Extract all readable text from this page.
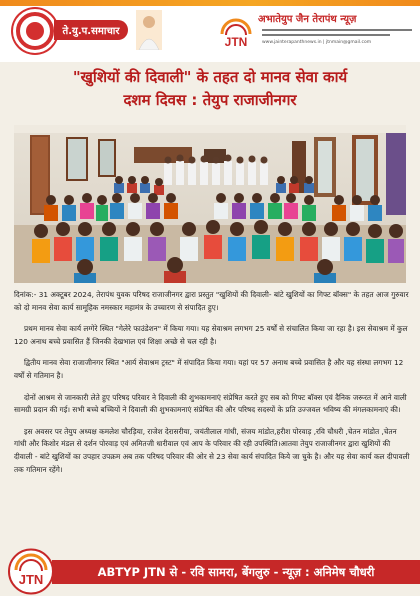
ते.यु.प.समाचार
JTN
अभातेयुप जैन तेरापंथ न्यूज़
www.jainterapanthnews.in | jtnmain@gmail.com
"खुशियों की दिवाली" के तहत दो मानव सेवा कार्य
दशम दिवस : तेयुप राजाजीनगर

दिनांक:- 31 अक्टूबर 2024, तेरापंथ युवक परिषद राजाजीनगर द्वारा प्रस्तुत "खुशियों की दिवाली- बांटे खुशियों का गिफ्ट बॉक्स" के तहत आज गुरुवार को दो मानव सेवा कार्य सामूहिक नमस्कार महामंत्र के उच्चारण से संपादित हुए।

प्रथम मानव सेवा कार्य लग्गेरे स्थित "गेलेरे फाउंडेशन" में किया गया। यह सेवाश्रम लगभग 25 वर्षों से संचालित किया जा रहा है। इस सेवाश्रम में कुल 120 अनाथ बच्चे प्रवासित हैं जिनकी देखभाल एवं शिक्षा अच्छे से चल रही है।

द्वितीय मानव सेवा राजाजीनगर स्थित "आर्य सेवाश्रम ट्रस्ट" में संपादित किया गया। यहां पर 57 अनाथ बच्चे प्रवासित है और यह संस्था लगभग 12 वर्षों से गतिमान है।

दोनों आश्रम से जानकारी लेते हुए परिषद परिवार ने दिवाली की शुभकामनाएं संप्रेषित करते हुए सब को गिफ्ट बॉक्स एवं दैनिक जरूरत में आने वाली सामग्री प्रदान की गई। सभी बच्चे बच्चियों ने दिवाली की शुभकामनाएं संप्रेषित की और परिषद सदस्यों के प्रति उज्जवल भविष्य की मंगलकामनाएं की।

इस अवसर पर तेयुप अध्यक्ष कमलेश चौरड़िया, राजेश देरासरीया, जयंतीलाल गांधी, संजय मांडोत,हरीश पोरवाड़ ,रवि चौधरी ,चेतन मांडोत ,चेतन गांधी और किशोर मंडल से दर्शन पोरवाड़ एवं अमितजी धारीवाल एवं आप के परिवार की रही उपस्थिति।आतवा तेयुप राजाजीनगर द्वारा खुशियों की दीवाली - बांटे खुशियों का उपहार उपक्रम अब तक परिषद परिवार की ओर से 23 सेवा कार्य संपादित किये जा चुके है। और यह सेवा कार्य कल दीपावली तक गतिमान रहेंगे।

ABTYP JTN से - रवि सामरा, बेंगलुरु - न्यूज़ : अनिमेष चौधरी
JTN
